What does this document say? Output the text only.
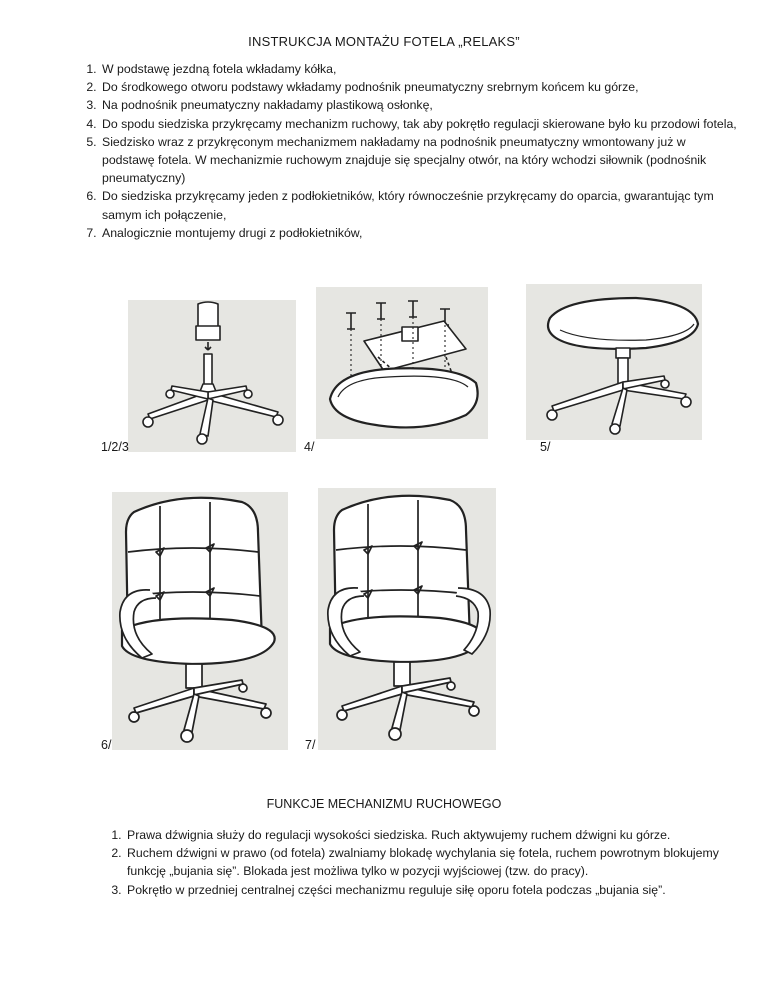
INSTRUKCJA MONTAŻU FOTELA „RELAKS”
1. W podstawę jezdną fotela wkładamy kółka,
2. Do środkowego otworu podstawy wkładamy podnośnik pneumatyczny srebrnym końcem ku górze,
3. Na podnośnik pneumatyczny nakładamy plastikową osłonkę,
4. Do spodu siedziska przykręcamy mechanizm ruchowy, tak aby pokrętło regulacji skierowane było ku przodowi fotela,
5. Siedzisko wraz z przykręconym mechanizmem nakładamy na podnośnik pneumatyczny wmontowany już w podstawę fotela. W mechanizmie ruchowym znajduje się specjalny otwór, na który wchodzi siłownik (podnośnik pneumatyczny)
6. Do siedziska przykręcamy jeden z podłokietników, który równocześnie przykręcamy do oparcia, gwarantując tym samym ich połączenie,
7. Analogicznie montujemy drugi z podłokietników,
1/2/3	4/	5/
6/	7/
FUNKCJE MECHANIZMU RUCHOWEGO
1. Prawa dźwignia służy do regulacji wysokości siedziska. Ruch aktywujemy ruchem dźwigni ku górze.
2. Ruchem dźwigni w prawo (od fotela) zwalniamy blokadę wychylania się fotela, ruchem powrotnym blokujemy funkcję „bujania się”. Blokada jest możliwa tylko w pozycji wyjściowej (tzw. do pracy).
3. Pokrętło w przedniej centralnej części mechanizmu reguluje siłę oporu fotela podczas „bujania się”.
